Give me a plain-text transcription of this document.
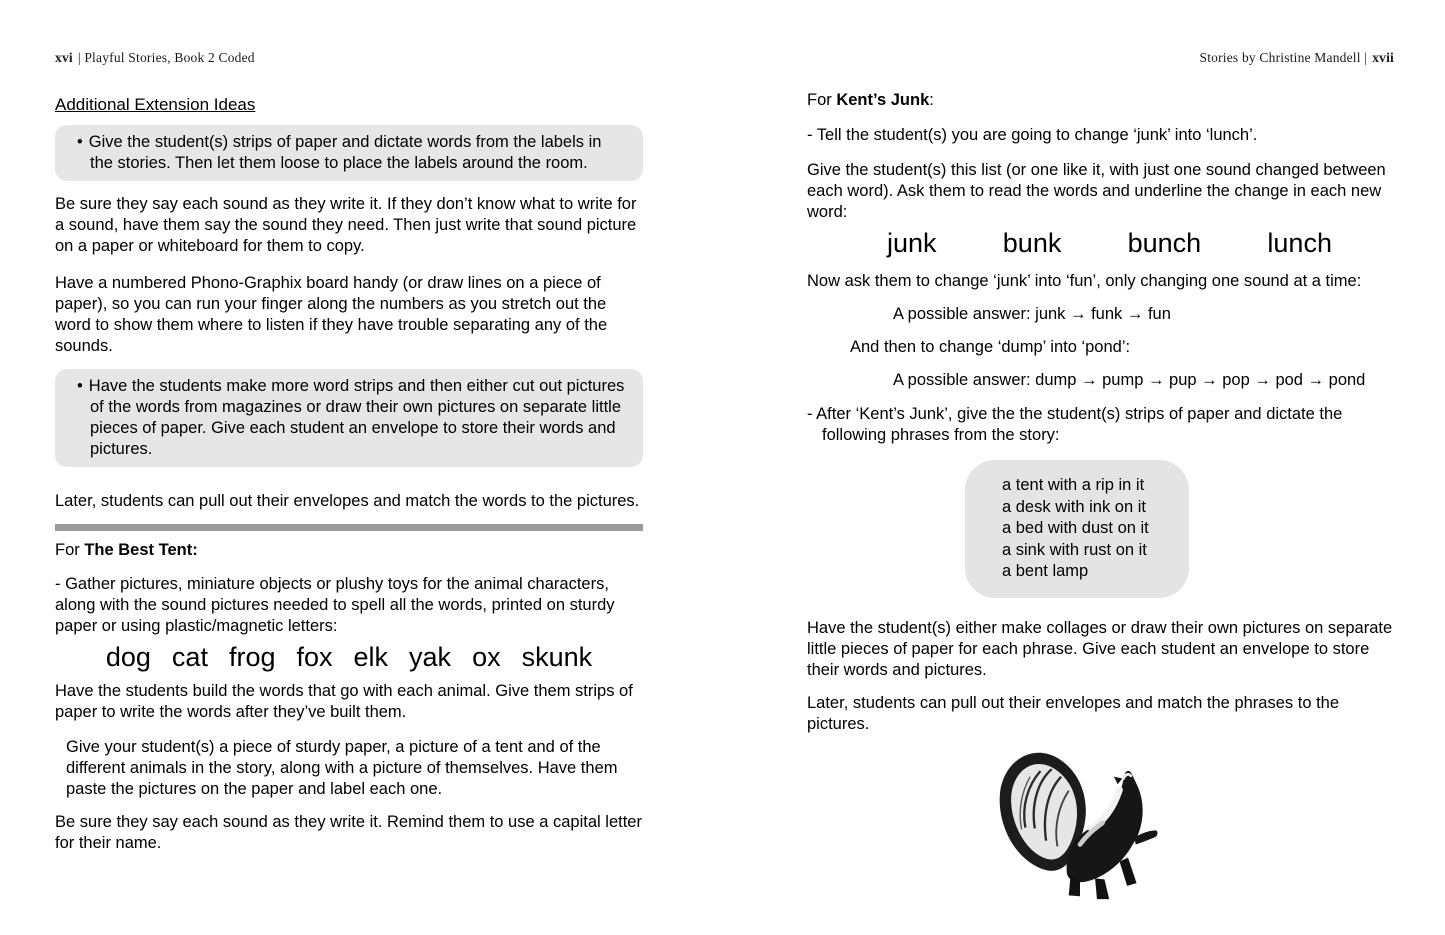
xvi | Playful Stories, Book 2 Coded
Additional Extension Ideas
• Give the student(s) strips of paper and dictate words from the labels in the stories. Then let them loose to place the labels around the room.
Be sure they say each sound as they write it. If they don’t know what to write for a sound, have them say the sound they need. Then just write that sound picture on a paper or whiteboard for them to copy.
Have a numbered Phono-Graphix board handy (or draw lines on a piece of paper), so you can run your finger along the numbers as you stretch out the word to show them where to listen if they have trouble separating any of the sounds.
• Have the students make more word strips and then either cut out pictures of the words from magazines or draw their own pictures on separate little pieces of paper. Give each student an envelope to store their words and pictures.
Later, students can pull out their envelopes and match the words to the pictures.
For The Best Tent:
- Gather pictures, miniature objects or plushy toys for the animal characters, along with the sound pictures needed to spell all the words, printed on sturdy paper or using plastic/magnetic letters:
dog cat frog fox elk yak ox skunk
Have the students build the words that go with each animal. Give them strips of paper to write the words after they’ve built them.
Give your student(s) a piece of sturdy paper, a picture of a tent and of the different animals in the story, along with a picture of themselves. Have them paste the pictures on the paper and label each one.
Be sure they say each sound as they write it. Remind them to use a capital letter for their name.
Stories by Christine Mandell | xvii
For Kent’s Junk:
- Tell the student(s) you are going to change ‘junk’ into ‘lunch’.
Give the student(s) this list (or one like it, with just one sound changed between each word). Ask them to read the words and underline the change in each new word:
junk bunk bunch lunch
Now ask them to change ‘junk’ into ‘fun’, only changing one sound at a time:
A possible answer: junk → funk → fun
And then to change ‘dump’ into ‘pond’:
A possible answer: dump → pump → pup → pop → pod → pond
- After ‘Kent’s Junk’, give the the student(s) strips of paper and dictate the following phrases from the story:
a tent with a rip in it
a desk with ink on it
a bed with dust on it
a sink with rust on it
a bent lamp
Have the student(s) either make collages or draw their own pictures on separate little pieces of paper for each phrase. Give each student an envelope to store their words and pictures.
Later, students can pull out their envelopes and match the phrases to the pictures.
